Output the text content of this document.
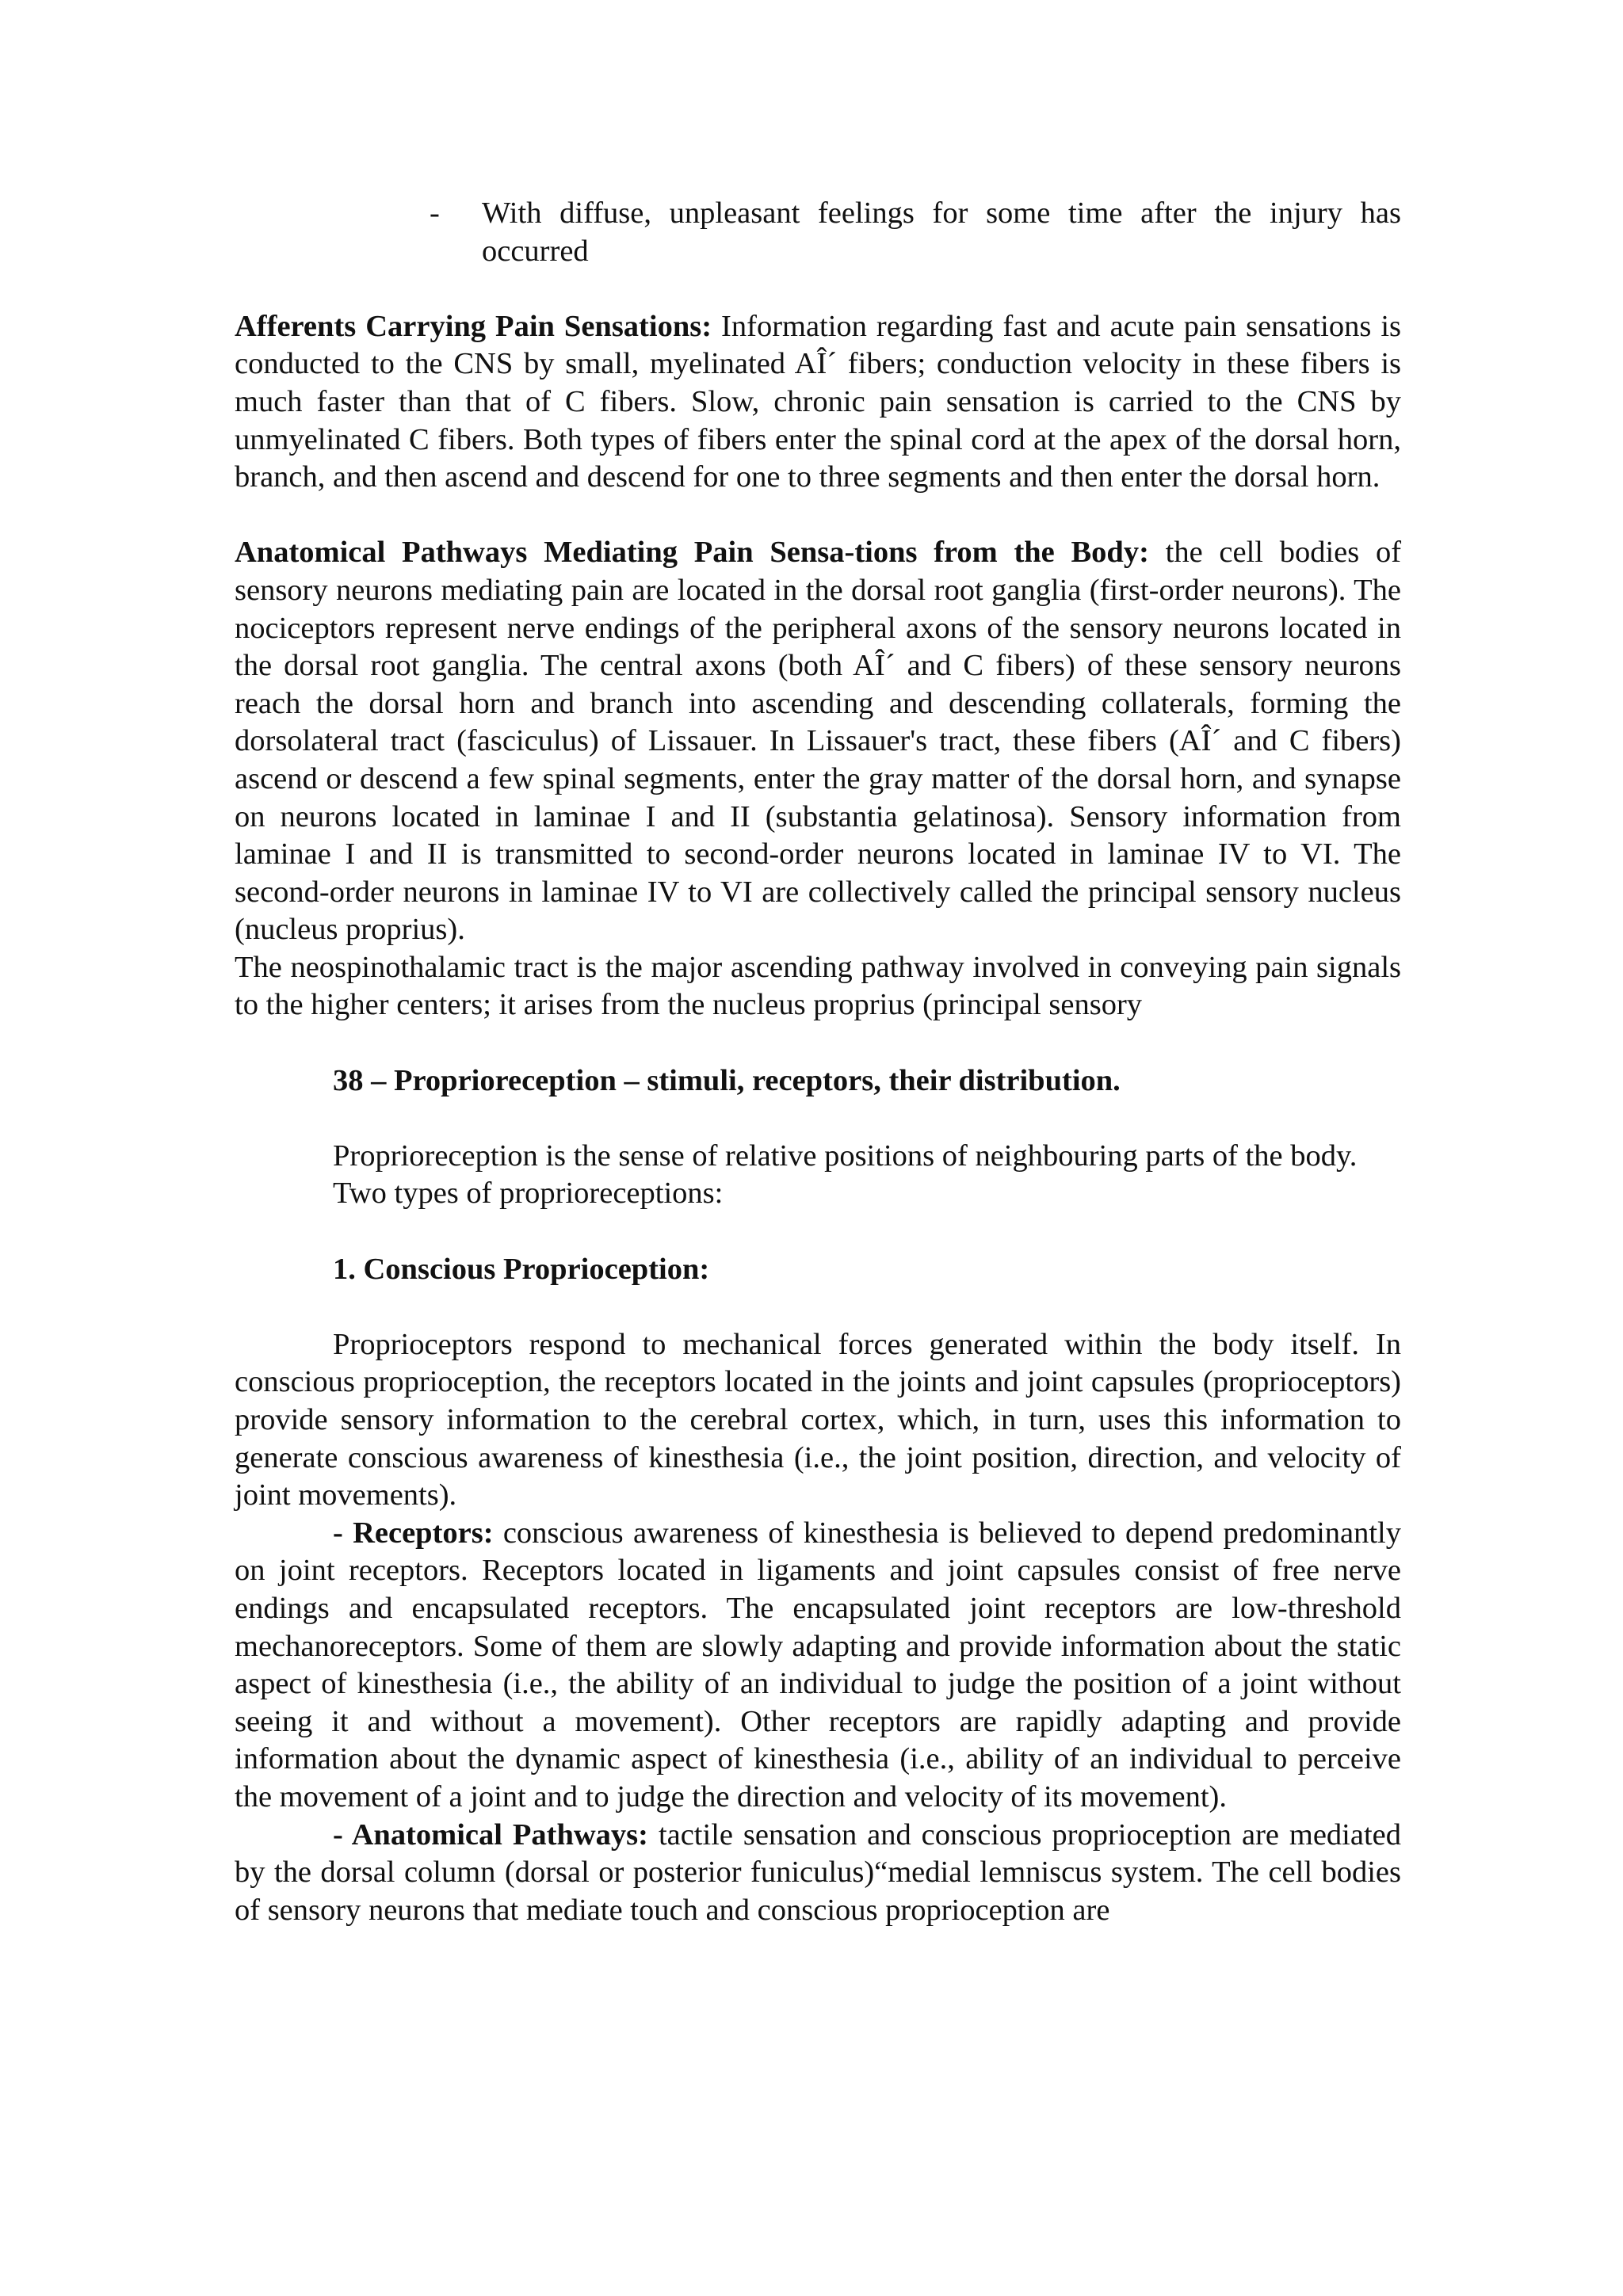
- With diffuse, unpleasant feelings for some time after the injury has occurred

Afferents Carrying Pain Sensations: Information regarding fast and acute pain sensations is conducted to the CNS by small, myelinated AÎ´ fibers; conduction velocity in these fibers is much faster than that of C fibers. Slow, chronic pain sensation is carried to the CNS by unmyelinated C fibers. Both types of fibers enter the spinal cord at the apex of the dorsal horn, branch, and then ascend and descend for one to three segments and then enter the dorsal horn.

Anatomical Pathways Mediating Pain Sensa-tions from the Body: the cell bodies of sensory neurons mediating pain are located in the dorsal root ganglia (first-order neurons). The nociceptors represent nerve endings of the peripheral axons of the sensory neurons located in the dorsal root ganglia. The central axons (both AÎ´ and C fibers) of these sensory neurons reach the dorsal horn and branch into ascending and descending collaterals, forming the dorsolateral tract (fasciculus) of Lissauer. In Lissauer's tract, these fibers (AÎ´ and C fibers) ascend or descend a few spinal segments, enter the gray matter of the dorsal horn, and synapse on neurons located in laminae I and II (substantia gelatinosa). Sensory information from laminae I and II is transmitted to second-order neurons located in laminae IV to VI. The second-order neurons in laminae IV to VI are collectively called the principal sensory nucleus (nucleus proprius).

The neospinothalamic tract is the major ascending pathway involved in conveying pain signals to the higher centers; it arises from the nucleus proprius (principal sensory

38 – Proprioreception – stimuli, receptors, their distribution.

Proprioreception is the sense of relative positions of neighbouring parts of the body.

Two types of proprioreceptions:

1. Conscious Proprioception:

Proprioceptors respond to mechanical forces generated within the body itself. In conscious proprioception, the receptors located in the joints and joint capsules (proprioceptors) provide sensory information to the cerebral cortex, which, in turn, uses this information to generate conscious awareness of kinesthesia (i.e., the joint position, direction, and velocity of joint movements).

- Receptors: conscious awareness of kinesthesia is believed to depend predominantly on joint receptors. Receptors located in ligaments and joint capsules consist of free nerve endings and encapsulated receptors. The encapsulated joint receptors are low-threshold mechanoreceptors. Some of them are slowly adapting and provide information about the static aspect of kinesthesia (i.e., the ability of an individual to judge the position of a joint without seeing it and without a movement). Other receptors are rapidly adapting and provide information about the dynamic aspect of kinesthesia (i.e., ability of an individual to perceive the movement of a joint and to judge the direction and velocity of its movement).

- Anatomical Pathways: tactile sensation and conscious proprioception are mediated by the dorsal column (dorsal or posterior funiculus)“medial lemniscus system. The cell bodies of sensory neurons that mediate touch and conscious proprioception are
